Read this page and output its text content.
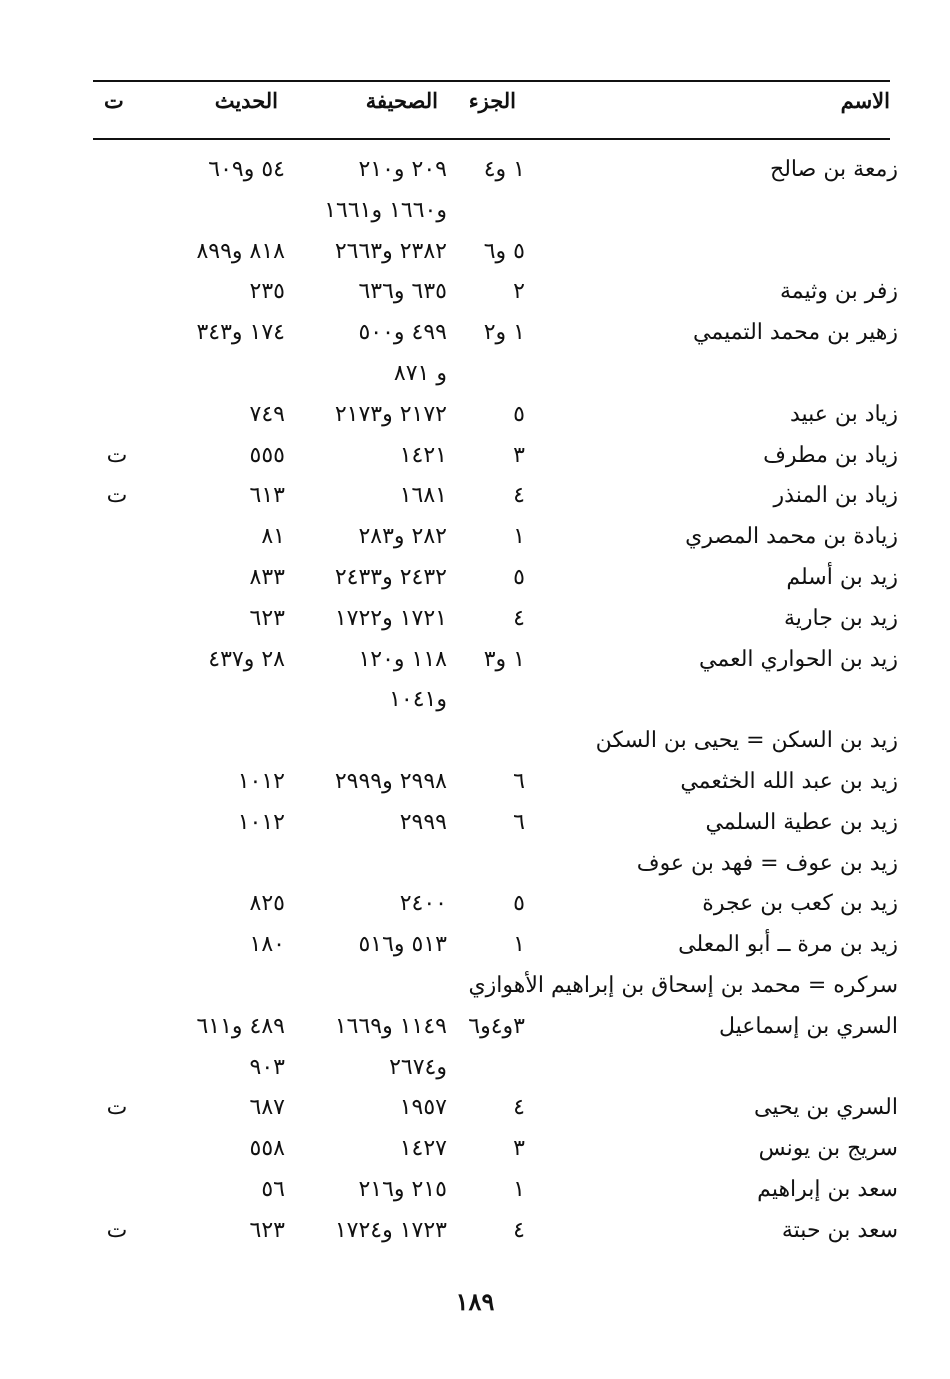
الاسم
الجزء
الصحيفة
الحديث
ت
زمعة بن صالح
١ و٤
٢٠٩ و٢١٠
٥٤ و٦٠٩
و١٦٦٠ و١٦٦١
٥ و٦
٢٣٨٢ و٢٦٦٣
٨١٨ و٨٩٩
زفر بن وثيمة
٢
٦٣٥ و٦٣٦
٢٣٥
زهير بن محمد التميمي
١ و٢
٤٩٩ و٥٠٠
١٧٤ و٣٤٣
و ٨٧١
زياد بن عبيد
٥
٢١٧٢ و٢١٧٣
٧٤٩
زياد بن مطرف
٣
١٤٢١
٥٥٥
ت
زياد بن المنذر
٤
١٦٨١
٦١٣
ت
زيادة بن محمد المصري
١
٢٨٢ و٢٨٣
٨١
زيد بن أسلم
٥
٢٤٣٢ و٢٤٣٣
٨٣٣
زيد بن جارية
٤
١٧٢١ و١٧٢٢
٦٢٣
زيد بن الحواري العمي
١ و٣
١١٨ و١٢٠
٢٨ و٤٣٧
و١٠٤١
زيد بن السكن = يحيى بن السكن
زيد بن عبد الله الخثعمي
٦
٢٩٩٨ و٢٩٩٩
١٠١٢
زيد بن عطية السلمي
٦
٢٩٩٩
١٠١٢
زيد بن عوف = فهد بن عوف
زيد بن كعب بن عجرة
٥
٢٤٠٠
٨٢٥
زيد بن مرة ــ أبو المعلى
١
٥١٣ و٥١٦
١٨٠
سركره = محمد بن إسحاق بن إبراهيم الأهوازي
السري بن إسماعيل
٣و٤و٦
١١٤٩ و١٦٦٩
٤٨٩ و٦١١
و٢٦٧٤
٩٠٣
السري بن يحيى
٤
١٩٥٧
٦٨٧
ت
سريج بن يونس
٣
١٤٢٧
٥٥٨
سعد بن إبراهيم
١
٢١٥ و٢١٦
٥٦
سعد بن حبتة
٤
١٧٢٣ و١٧٢٤
٦٢٣
ت
١٨٩
